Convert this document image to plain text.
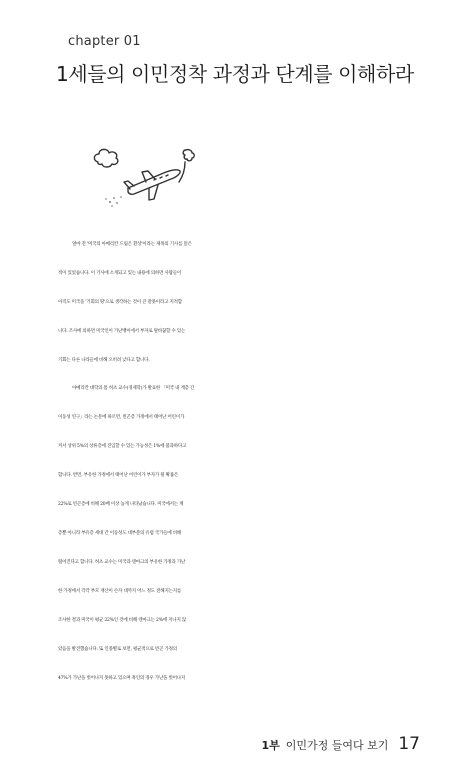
chapter 01
1세들의 이민정착 과정과 단계를 이해하라
얼마 전 '미국의 아메리칸 드림은 환상'이라는 제목의 기사를 읽은
적이 있었습니다. 이 기사에 소개되고 있는 내용에 의하면 사람들이
아직도 미국을 '기회의 땅'으로 생각하는 것이 큰 잘못이라고 지적합
니다. 조사에 의하면 미국인이 가난뱅이에서 부자로 탈바꿈할 수 있는
기회는 다른 나라들에 비해 오히려 낮다고 합니다.
아메리칸 대학의 톰 허츠 교수(경제학)가 발표한 「미국 내 계층 간
이동성 연구」라는 논문에 따르면, 빈곤층 가정에서 태어난 어린이가
커서 상위 5%의 상류층에 진입할 수 있는 가능성은 1%에 불과하다고
합니다. 반면, 부유한 가정에서 태어난 어린이가 부자가 될 확률은
22%로 빈곤층에 비해 20배 이상 높게 나타났습니다. 미국에서는 계
층뿐 아니라 부유층 세대 간 이동성도 대부분의 유럽 국가들에 비해
떨어진다고 합니다. 허츠 교수는 미국과 덴마크의 부유한 가정과 가난
한 가정에서 각각 부모 재산이 손자 대까지 어느 정도 전해지는지를
조사한 결과 미국이 평균 22%인 것에 비해 덴마크는 2%에 지나지 않
았음을 발견했습니다. 또 인종별로 보면, 평균적으로 빈곤 가정의
47%가 가난을 벗어나지 못하고 있으며 흑인의 경우 가난을 벗어나지
1부 이민가정 들여다 보기 17
